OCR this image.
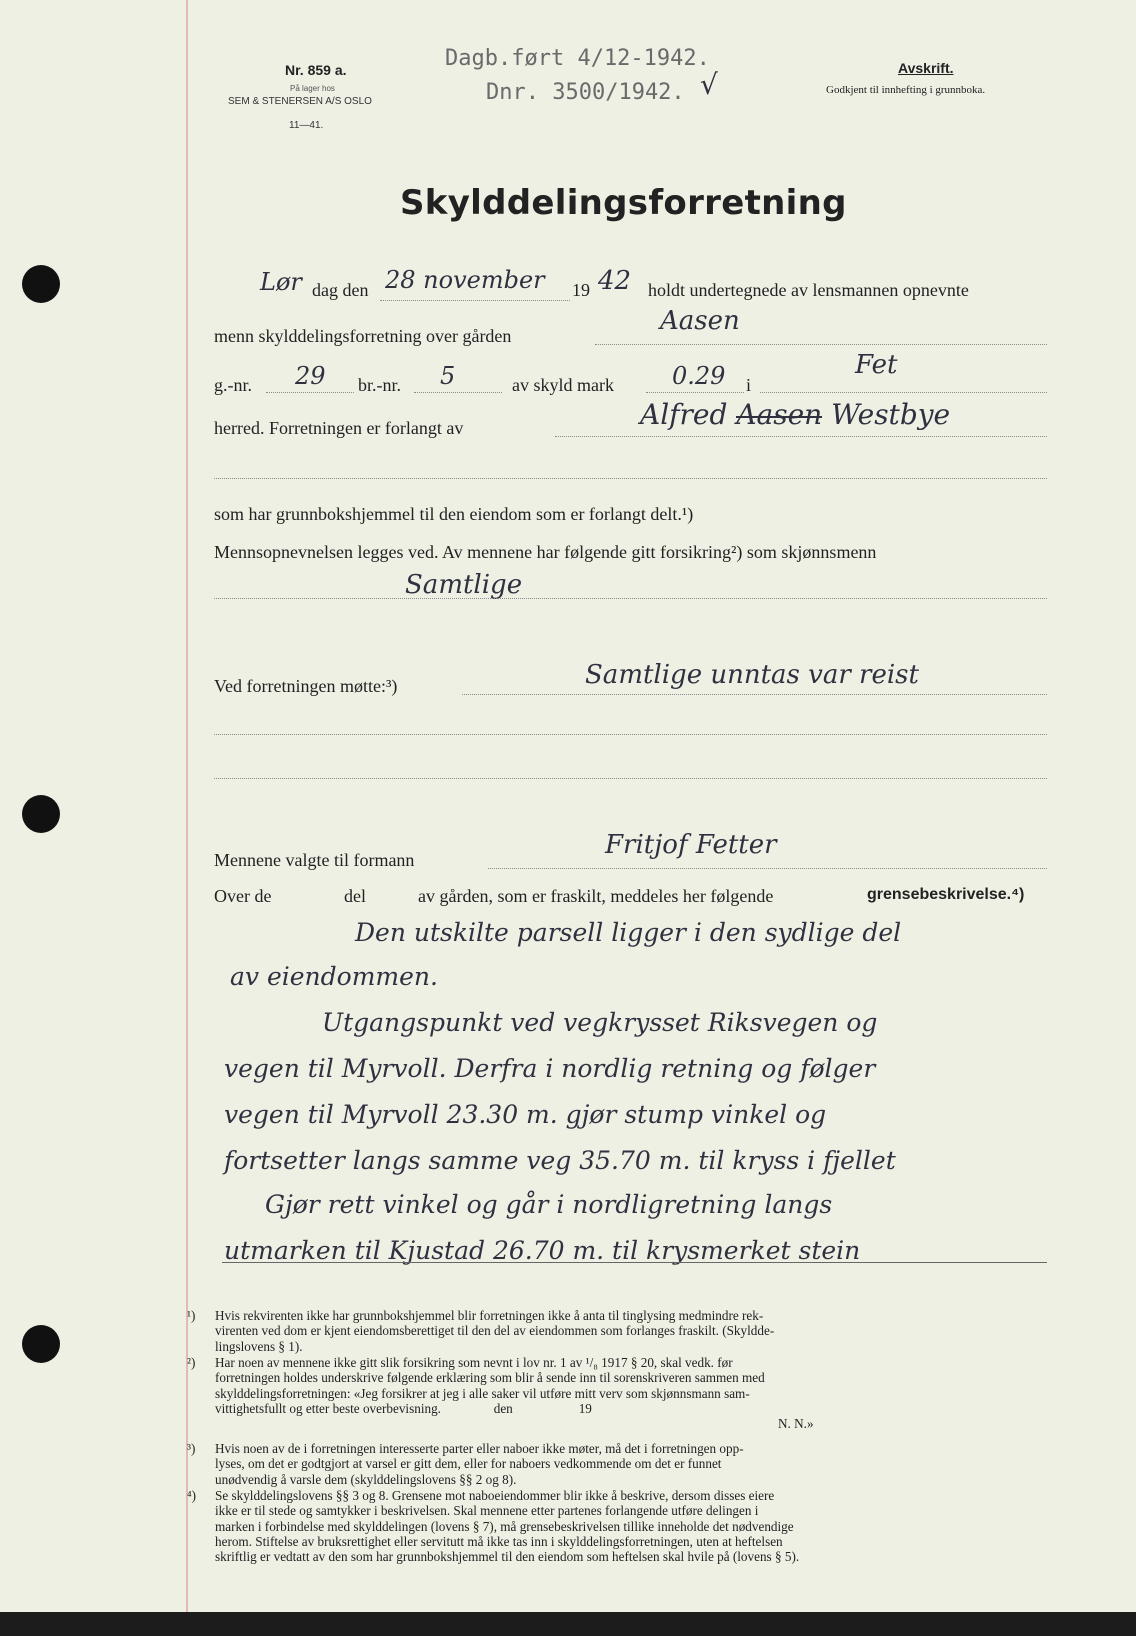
Nr. 859 a.
På lager hos
SEM & STENERSEN A/S OSLO
11—41.
Dagb.ført 4/12-1942.
Dnr. 3500/1942. √	Avskrift.
Godkjent til innhefting i grunnboka.
Skylddelingsforretning
Lør dag den 28 november 19 42 holdt undertegnede av lensmannen opnevnte
menn skylddelingsforretning over gården	Aasen
g.-nr. 29 br.-nr. 5	av skyld mark 0.29 i
Fet
herred. Forretningen er forlangt av	Alfred Aasen Westbye
som har grunnbokshjemmel til den eiendom som er forlangt delt.¹)
Mennsopnevnelsen legges ved. Av mennene har følgende gitt forsikring²) som skjønnsmenn
Samtlige
Ved forretningen møtte:³)	Samtlige unntas var reist
Mennene valgte til formann	Fritjof Fetter
Over de	del	av gården, som er fraskilt, meddeles her følgende	grensebeskrivelse.⁴)
Den utskilte parsell ligger i den sydlige del
av eiendommen.
Utgangspunkt ved vegkrysset Riksvegen og
vegen til Myrvoll. Derfra i nordlig retning og følger
vegen til Myrvoll 23.30 m. gjør stump vinkel og
fortsetter langs samme veg 35.70 m. til kryss i fjellet
Gjør rett vinkel og går i nordligretning langs
utmarken til Kjustad 26.70 m. til krysmerket stein
¹) Hvis rekvirenten ikke har grunnbokshjemmel blir forretningen ikke å anta til tinglysing medmindre rek-
virenten ved dom er kjent eiendomsberettiget til den del av eiendommen som forlanges fraskilt. (Skyldde-
lingslovens § 1).
²) Har noen av mennene ikke gitt slik forsikring som nevnt i lov nr. 1 av ¹/₈ 1917 § 20, skal vedk. før
forretningen holdes underskrive følgende erklæring som blir å sende inn til sorenskriveren sammen med
skylddelingsforretningen: «Jeg forsikrer at jeg i alle saker vil utføre mitt verv som skjønnsmann sam-
vittighetsfullt og etter beste overbevisning.                den                    19
N. N.»
³) Hvis noen av de i forretningen interesserte parter eller naboer ikke møter, må det i forretningen opp-
lyses, om det er godtgjort at varsel er gitt dem, eller for naboers vedkommende om det er funnet
unødvendig å varsle dem (skylddelingslovens §§ 2 og 8).
⁴) Se skylddelingslovens §§ 3 og 8. Grensene mot naboeiendommer blir ikke å beskrive, dersom disses eiere
ikke er til stede og samtykker i beskrivelsen. Skal mennene etter partenes forlangende utføre delingen i
marken i forbindelse med skylddelingen (lovens § 7), må grensebeskrivelsen tillike inneholde det nødvendige
herom. Stiftelse av bruksrettighet eller servitutt må ikke tas inn i skylddelingsforretningen, uten at heftelsen
skriftlig er vedtatt av den som har grunnbokshjemmel til den eiendom som heftelsen skal hvile på (lovens § 5).
